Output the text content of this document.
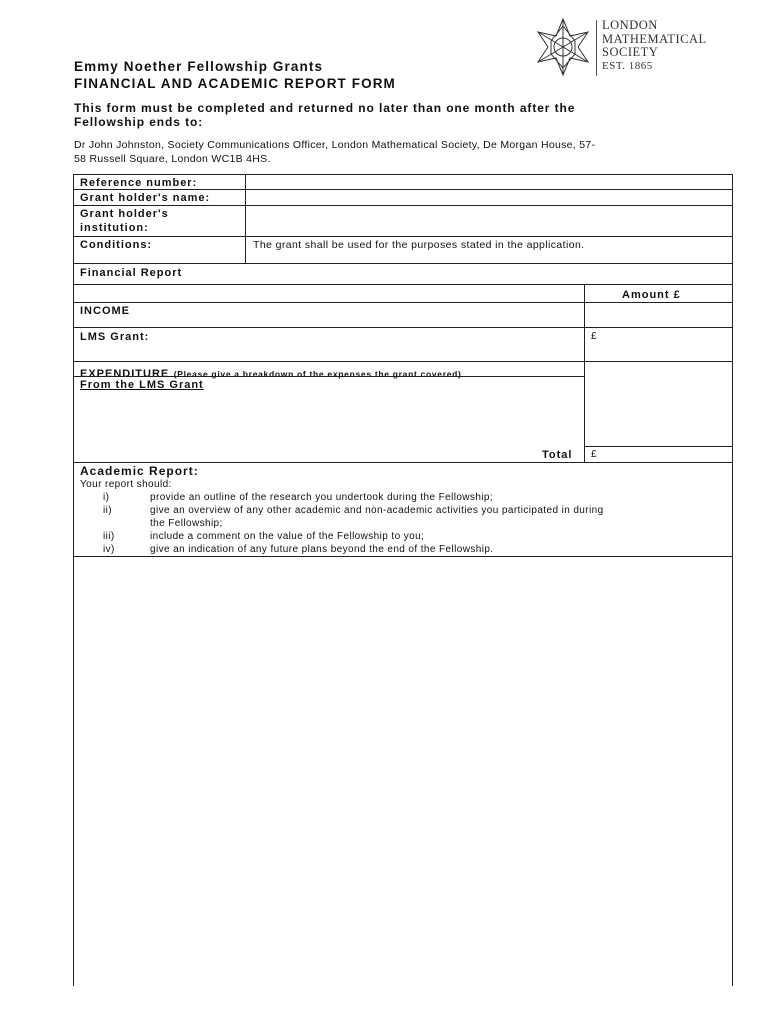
LONDON
MATHEMATICAL
SOCIETY
EST. 1865
Emmy Noether Fellowship Grants
FINANCIAL AND ACADEMIC REPORT FORM
This form must be completed and returned no later than one month after the
Fellowship ends to:
Dr John Johnston, Society Communications Officer, London Mathematical Society, De Morgan House, 57-
58 Russell Square, London WC1B 4HS.
Reference number:
Grant holder's name:
Grant holder's
institution:
Conditions:	The grant shall be used for the purposes stated in the application.
Financial Report
Amount £
INCOME
LMS Grant:	£
EXPENDITURE (Please give a breakdown of the expenses the grant covered)
From the LMS Grant
Total £
Academic Report:
Your report should:
i)	provide an outline of the research you undertook during the Fellowship;
ii)	give an overview of any other academic and non-academic activities you participated in during
the Fellowship;
iii)	include a comment on the value of the Fellowship to you;
iv)	give an indication of any future plans beyond the end of the Fellowship.
